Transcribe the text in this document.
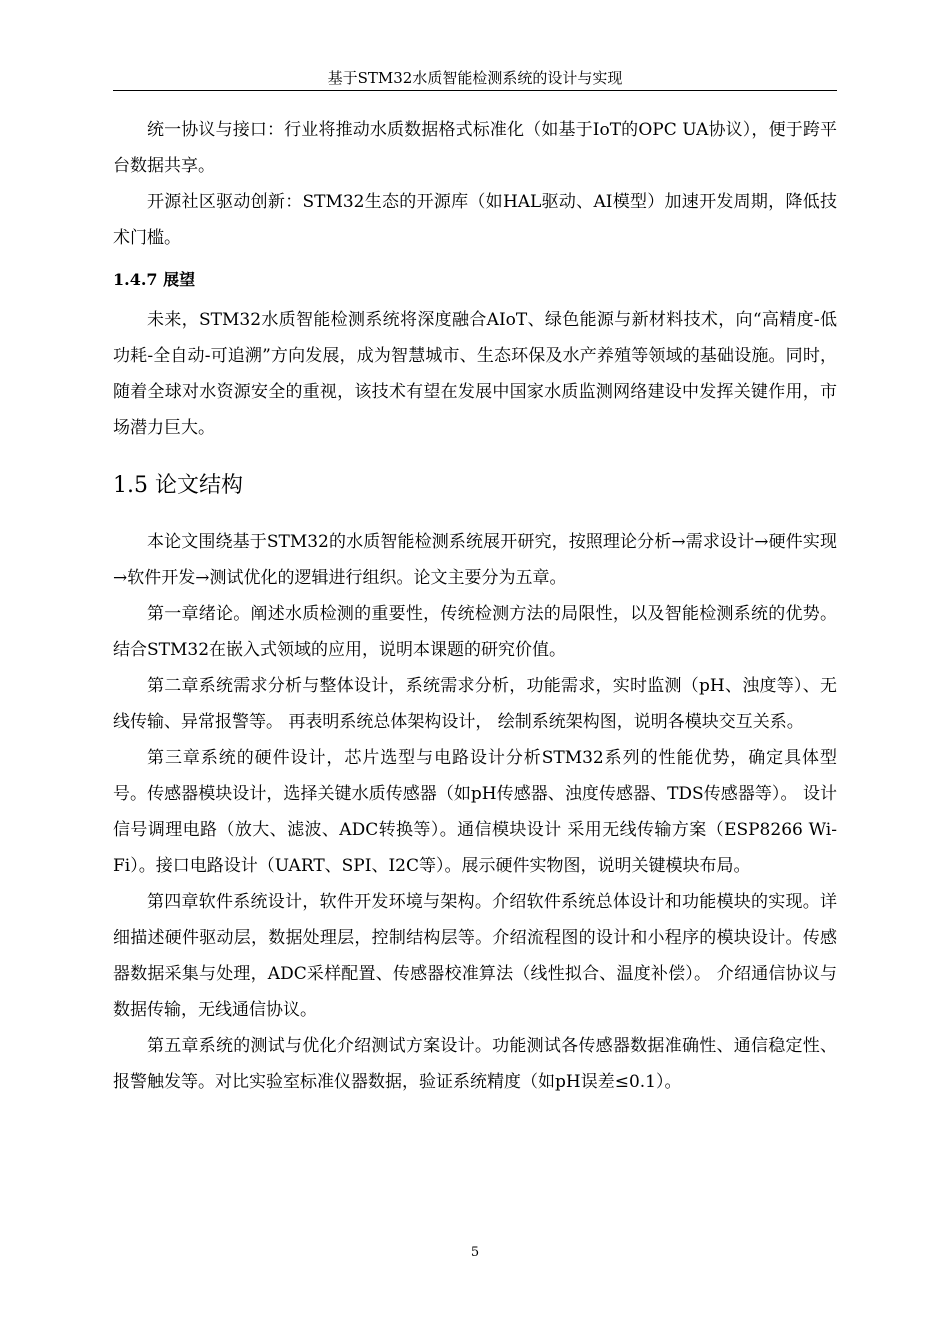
基于STM32水质智能检测系统的设计与实现

统一协议与接口：行业将推动水质数据格式标准化（如基于IoT的OPC UA协议），便于跨平台数据共享。

开源社区驱动创新：STM32生态的开源库（如HAL驱动、AI模型）加速开发周期，降低技术门槛。

1.4.7 展望

未来，STM32水质智能检测系统将深度融合AIoT、绿色能源与新材料技术，向“高精度-低功耗-全自动-可追溯”方向发展，成为智慧城市、生态环保及水产养殖等领域的基础设施。同时，随着全球对水资源安全的重视，该技术有望在发展中国家水质监测网络建设中发挥关键作用，市场潜力巨大。

1.5 论文结构

本论文围绕基于STM32的水质智能检测系统展开研究，按照理论分析→需求设计→硬件实现→软件开发→测试优化的逻辑进行组织。论文主要分为五章。

第一章绪论。阐述水质检测的重要性，传统检测方法的局限性，以及智能检测系统的优势。 结合STM32在嵌入式领域的应用，说明本课题的研究价值。

第二章系统需求分析与整体设计，系统需求分析，功能需求，实时监测（pH、浊度等）、无线传输、异常报警等。 再表明系统总体架构设计， 绘制系统架构图，说明各模块交互关系。

第三章系统的硬件设计，芯片选型与电路设计分析STM32系列的性能优势，确定具体型号。传感器模块设计，选择关键水质传感器（如pH传感器、浊度传感器、TDS传感器等）。 设计信号调理电路（放大、滤波、ADC转换等）。通信模块设计 采用无线传输方案（ESP8266 Wi-Fi）。接口电路设计（UART、SPI、I2C等）。展示硬件实物图，说明关键模块布局。

第四章软件系统设计，软件开发环境与架构。介绍软件系统总体设计和功能模块的实现。详细描述硬件驱动层，数据处理层，控制结构层等。介绍流程图的设计和小程序的模块设计。传感器数据采集与处理，ADC采样配置、传感器校准算法（线性拟合、温度补偿）。 介绍通信协议与数据传输，无线通信协议。

第五章系统的测试与优化介绍测试方案设计。功能测试各传感器数据准确性、通信稳定性、报警触发等。对比实验室标准仪器数据，验证系统精度（如pH误差≤0.1）。

5
